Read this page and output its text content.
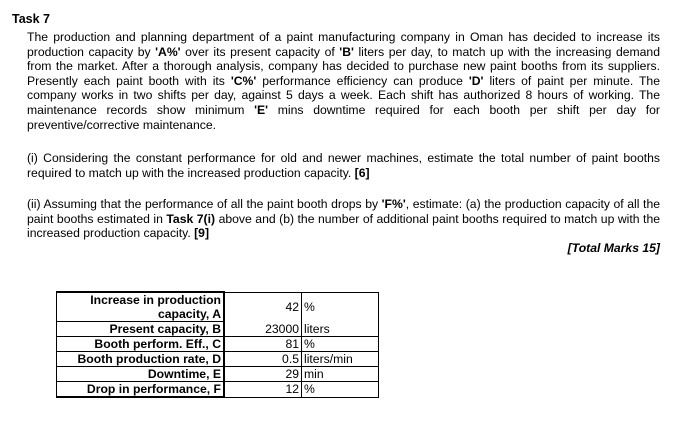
Task 7

The production and planning department of a paint manufacturing company in Oman has decided to increase its production capacity by 'A%' over its present capacity of 'B' liters per day, to match up with the increasing demand from the market. After a thorough analysis, company has decided to purchase new paint booths from its suppliers. Presently each paint booth with its 'C%' performance efficiency can produce 'D' liters of paint per minute. The company works in two shifts per day, against 5 days a week. Each shift has authorized 8 hours of working. The maintenance records show minimum 'E' mins downtime required for each booth per shift per day for preventive/corrective maintenance.

(i) Considering the constant performance for old and newer machines, estimate the total number of paint booths required to match up with the increased production capacity. [6]

(ii) Assuming that the performance of all the paint booth drops by 'F%', estimate: (a) the production capacity of all the paint booths estimated in Task 7(i) above and (b) the number of additional paint booths required to match up with the increased production capacity. [9]

[Total Marks 15]
Increase in production	42	%
capacity, A		
Present capacity, B	23000	liters
Booth perform. Eff., C	81	%
Booth production rate, D	0.5	liters/min
Downtime, E	29	min
Drop in performance, F	12	%
